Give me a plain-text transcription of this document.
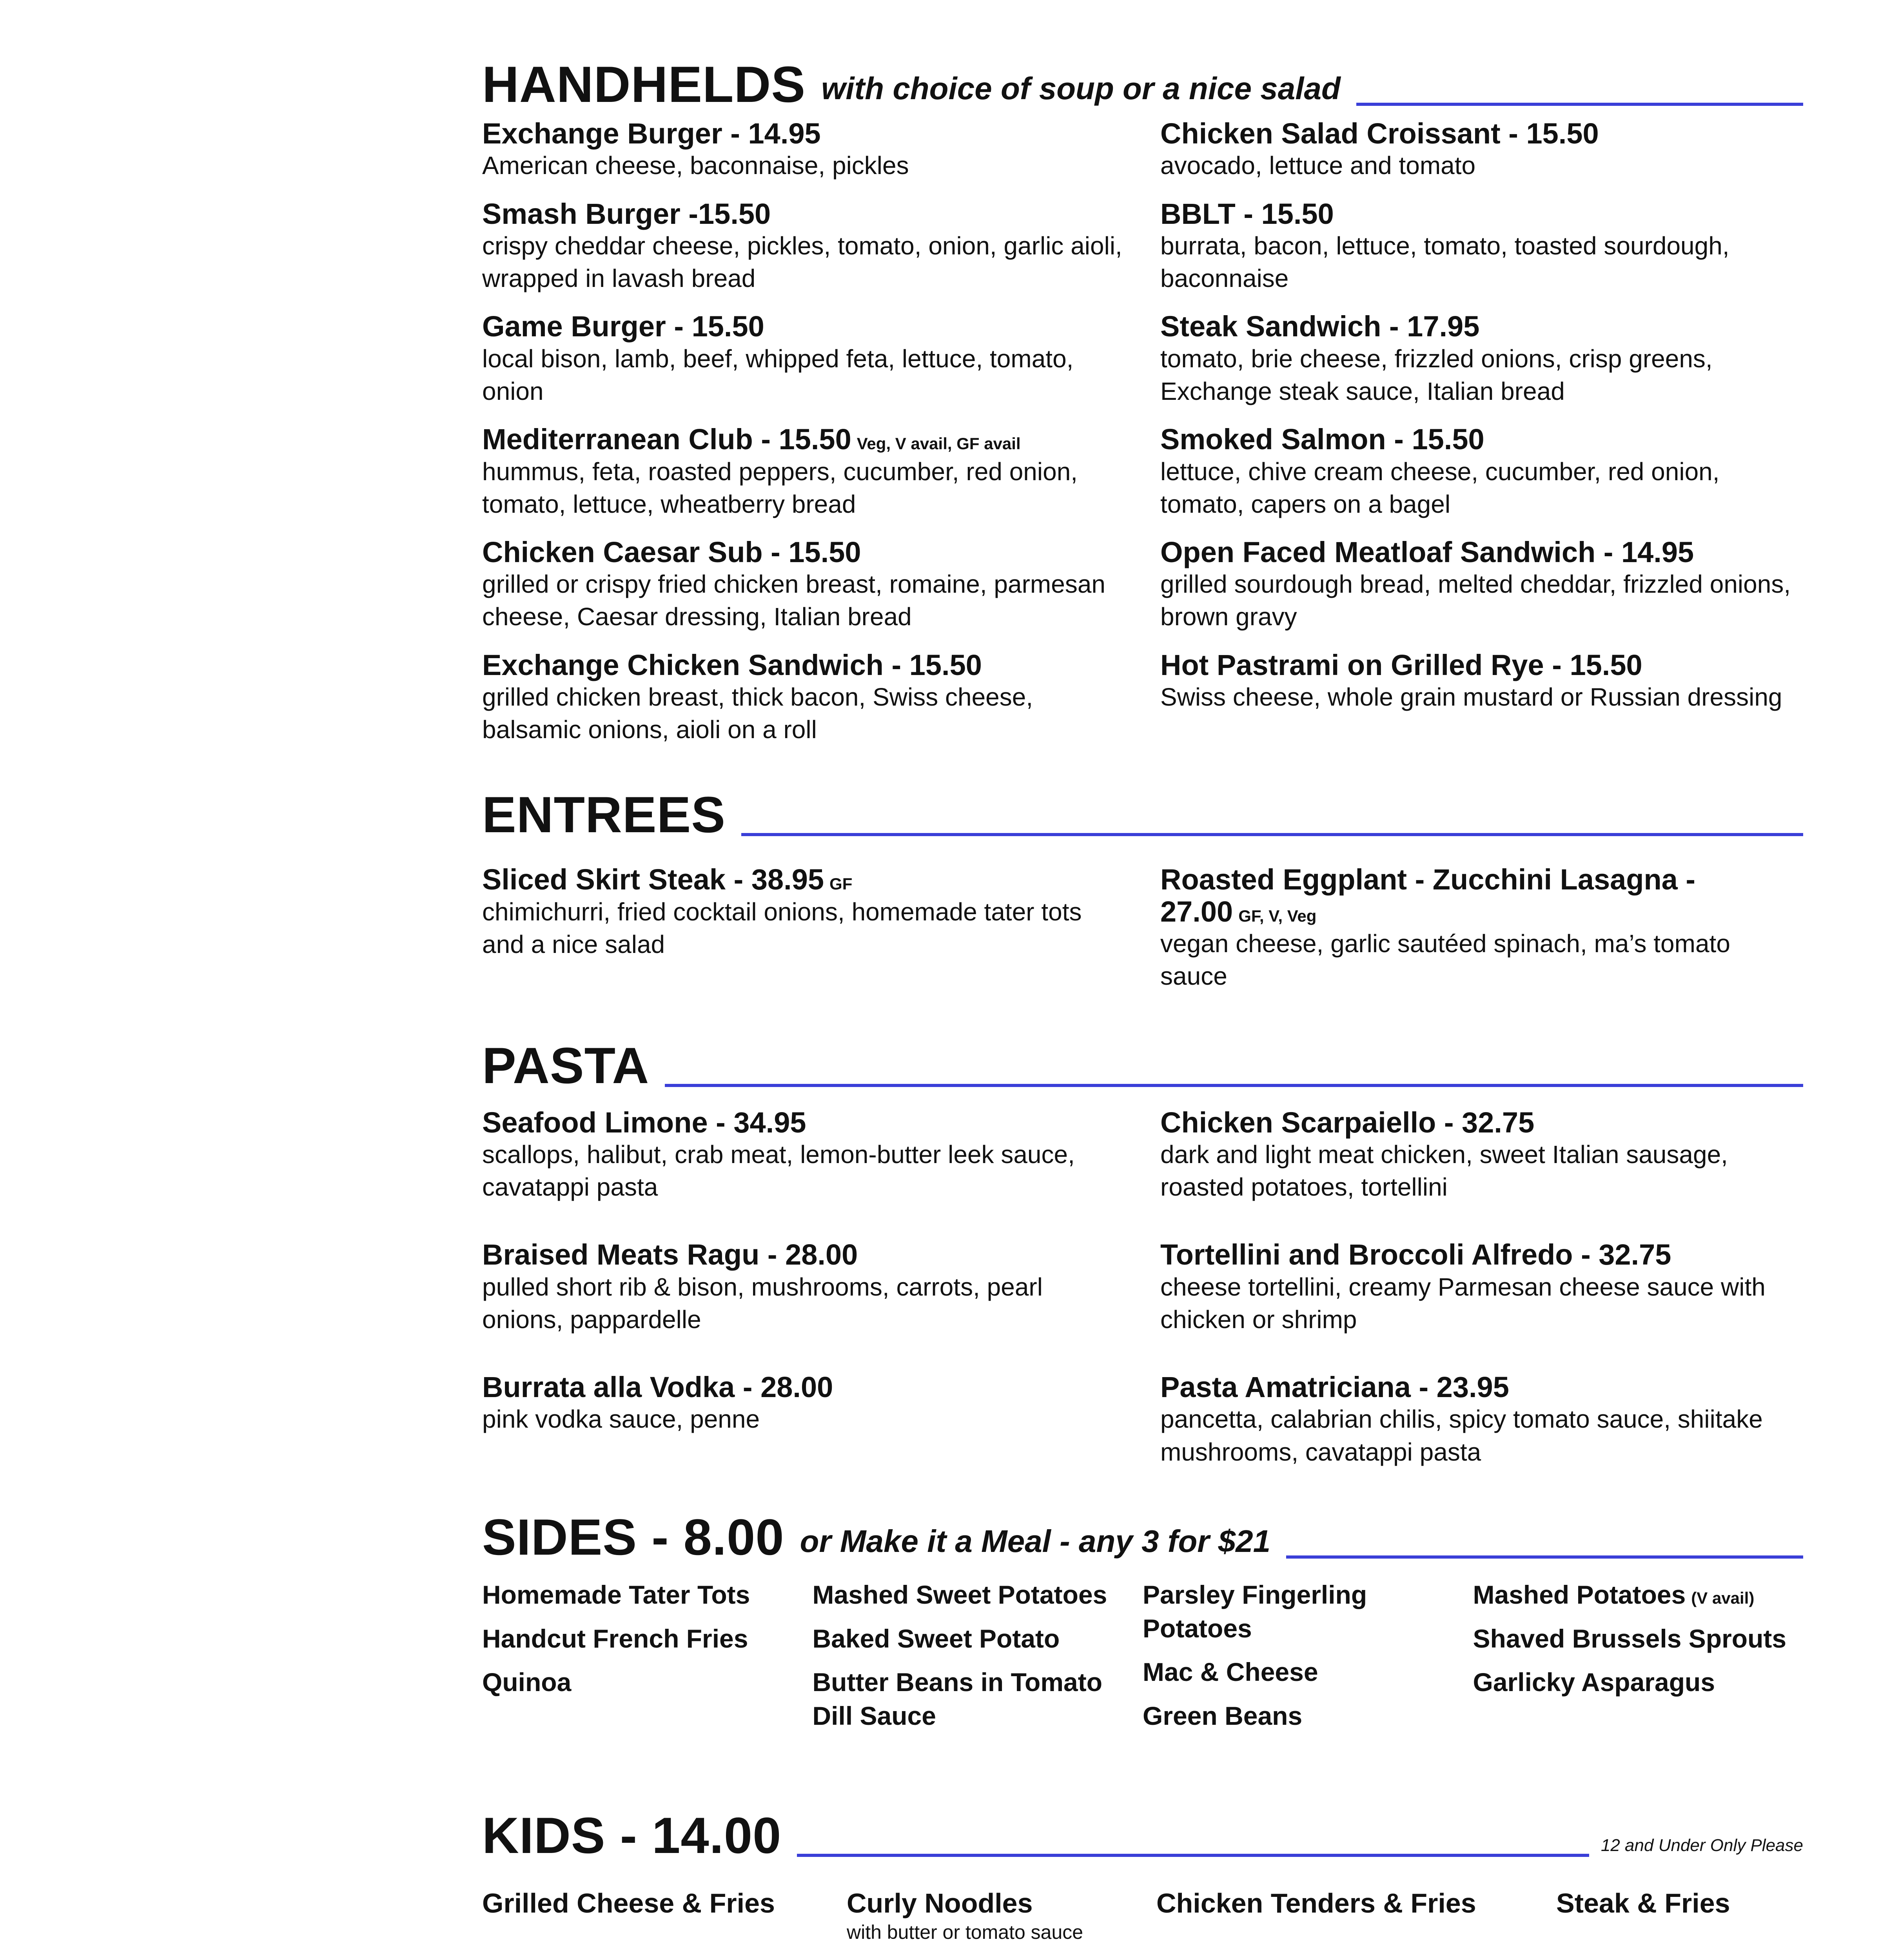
HANDHELDS with choice of soup or a nice salad
Exchange Burger - 14.95
American cheese, baconnaise, pickles
Smash Burger -15.50
crispy cheddar cheese, pickles, tomato, onion, garlic aioli, wrapped in lavash bread
Game Burger - 15.50
local bison, lamb, beef, whipped feta, lettuce, tomato, onion
Mediterranean Club - 15.50 Veg, V avail, GF avail
hummus, feta, roasted peppers, cucumber, red onion, tomato, lettuce, wheatberry bread
Chicken Caesar Sub - 15.50
grilled or crispy fried chicken breast, romaine, parmesan cheese, Caesar dressing, Italian bread
Exchange Chicken Sandwich - 15.50
grilled chicken breast, thick bacon, Swiss cheese, balsamic onions, aioli on a roll
Chicken Salad Croissant - 15.50
avocado, lettuce and tomato
BBLT - 15.50
burrata, bacon, lettuce, tomato, toasted sourdough, baconnaise
Steak Sandwich - 17.95
tomato, brie cheese, frizzled onions, crisp greens, Exchange steak sauce, Italian bread
Smoked Salmon - 15.50
lettuce, chive cream cheese, cucumber, red onion, tomato, capers on a bagel
Open Faced Meatloaf Sandwich - 14.95
grilled sourdough bread, melted cheddar, frizzled onions, brown gravy
Hot Pastrami on Grilled Rye - 15.50
Swiss cheese, whole grain mustard or Russian dressing
ENTREES
Sliced Skirt Steak - 38.95 GF
chimichurri, fried cocktail onions, homemade tater tots and a nice salad
Roasted Eggplant - Zucchini Lasagna - 27.00 GF, V, Veg
vegan cheese, garlic sautéed spinach, ma’s tomato sauce
PASTA
Seafood Limone - 34.95
scallops, halibut, crab meat, lemon-butter leek sauce, cavatappi pasta
Braised Meats Ragu - 28.00
pulled short rib & bison, mushrooms, carrots, pearl onions, pappardelle
Burrata alla Vodka - 28.00
pink vodka sauce, penne
Chicken Scarpaiello - 32.75
dark and light meat chicken, sweet Italian sausage, roasted potatoes, tortellini
Tortellini and Broccoli Alfredo - 32.75
cheese tortellini, creamy Parmesan cheese sauce with chicken or shrimp
Pasta Amatriciana - 23.95
pancetta, calabrian chilis, spicy tomato sauce, shiitake mushrooms, cavatappi pasta
SIDES - 8.00 or Make it a Meal - any 3 for $21
Homemade Tater Tots
Handcut French Fries
Quinoa
Mashed Sweet Potatoes
Baked Sweet Potato
Butter Beans in Tomato Dill Sauce
Parsley Fingerling Potatoes
Mac & Cheese
Green Beans
Mashed Potatoes (V avail)
Shaved Brussels Sprouts
Garlicky Asparagus
KIDS - 14.00	12 and Under Only Please
Grilled Cheese & Fries	Curly Noodles
with butter or tomato sauce
Chicken Tenders & Fries	Steak & Fries
